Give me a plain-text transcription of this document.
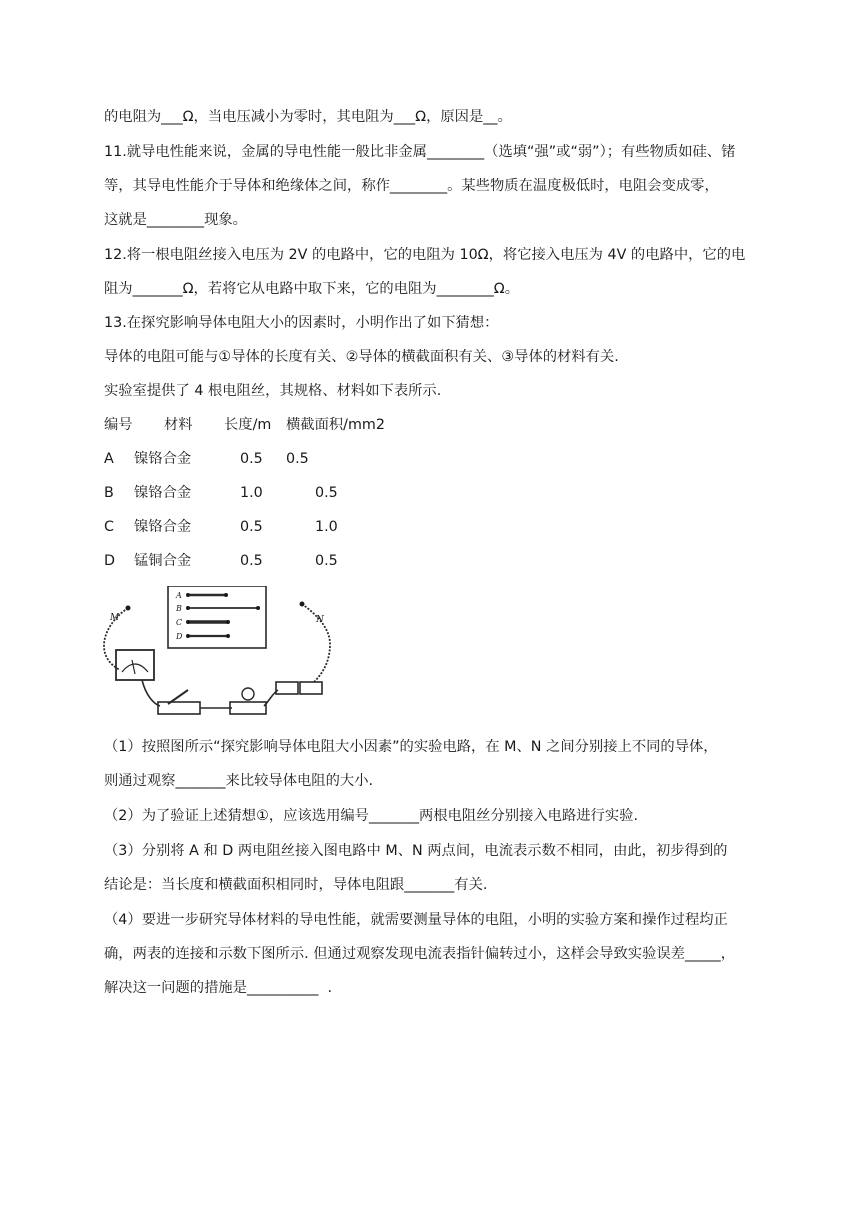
的电阻为___Ω，当电压减小为零时，其电阻为___Ω，原因是__。
11.就导电性能来说，金属的导电性能一般比非金属________（选填“强”或“弱”）；有些物质如硅、锗
等，其导电性能介于导体和绝缘体之间，称作________。某些物质在温度极低时，电阻会变成零，
这就是________现象。
12.将一根电阻丝接入电压为 2V 的电路中，它的电阻为 10Ω，将它接入电压为 4V 的电路中，它的电
阻为_______Ω，若将它从电路中取下来，它的电阻为________Ω。
13.在探究影响导体电阻大小的因素时，小明作出了如下猜想：
导体的电阻可能与①导体的长度有关、②导体的横截面积有关、③导体的材料有关.
实验室提供了 4 根电阻丝，其规格、材料如下表所示.
编号 材料 长度/m 横截面积/mm2
A 镍铬合金	0.5 0.5
B 镍铬合金	1.0	0.5
C 镍铬合金	0.5	1.0
D 锰铜合金	0.5	0.5
A
B
C
D
M	N
（1）按照图所示“探究影响导体电阻大小因素”的实验电路，在 M、N 之间分别接上不同的导体，
则通过观察_______来比较导体电阻的大小.
（2）为了验证上述猜想①，应该选用编号_______两根电阻丝分别接入电路进行实验.
（3）分别将 A 和 D 两电阻丝接入图电路中 M、N 两点间，电流表示数不相同，由此，初步得到的
结论是：当长度和横截面积相同时，导体电阻跟_______有关.
（4）要进一步研究导体材料的导电性能，就需要测量导体的电阻，小明的实验方案和操作过程均正
确，两表的连接和示数下图所示. 但通过观察发现电流表指针偏转过小，这样会导致实验误差_____，
解决这一问题的措施是__________  .
